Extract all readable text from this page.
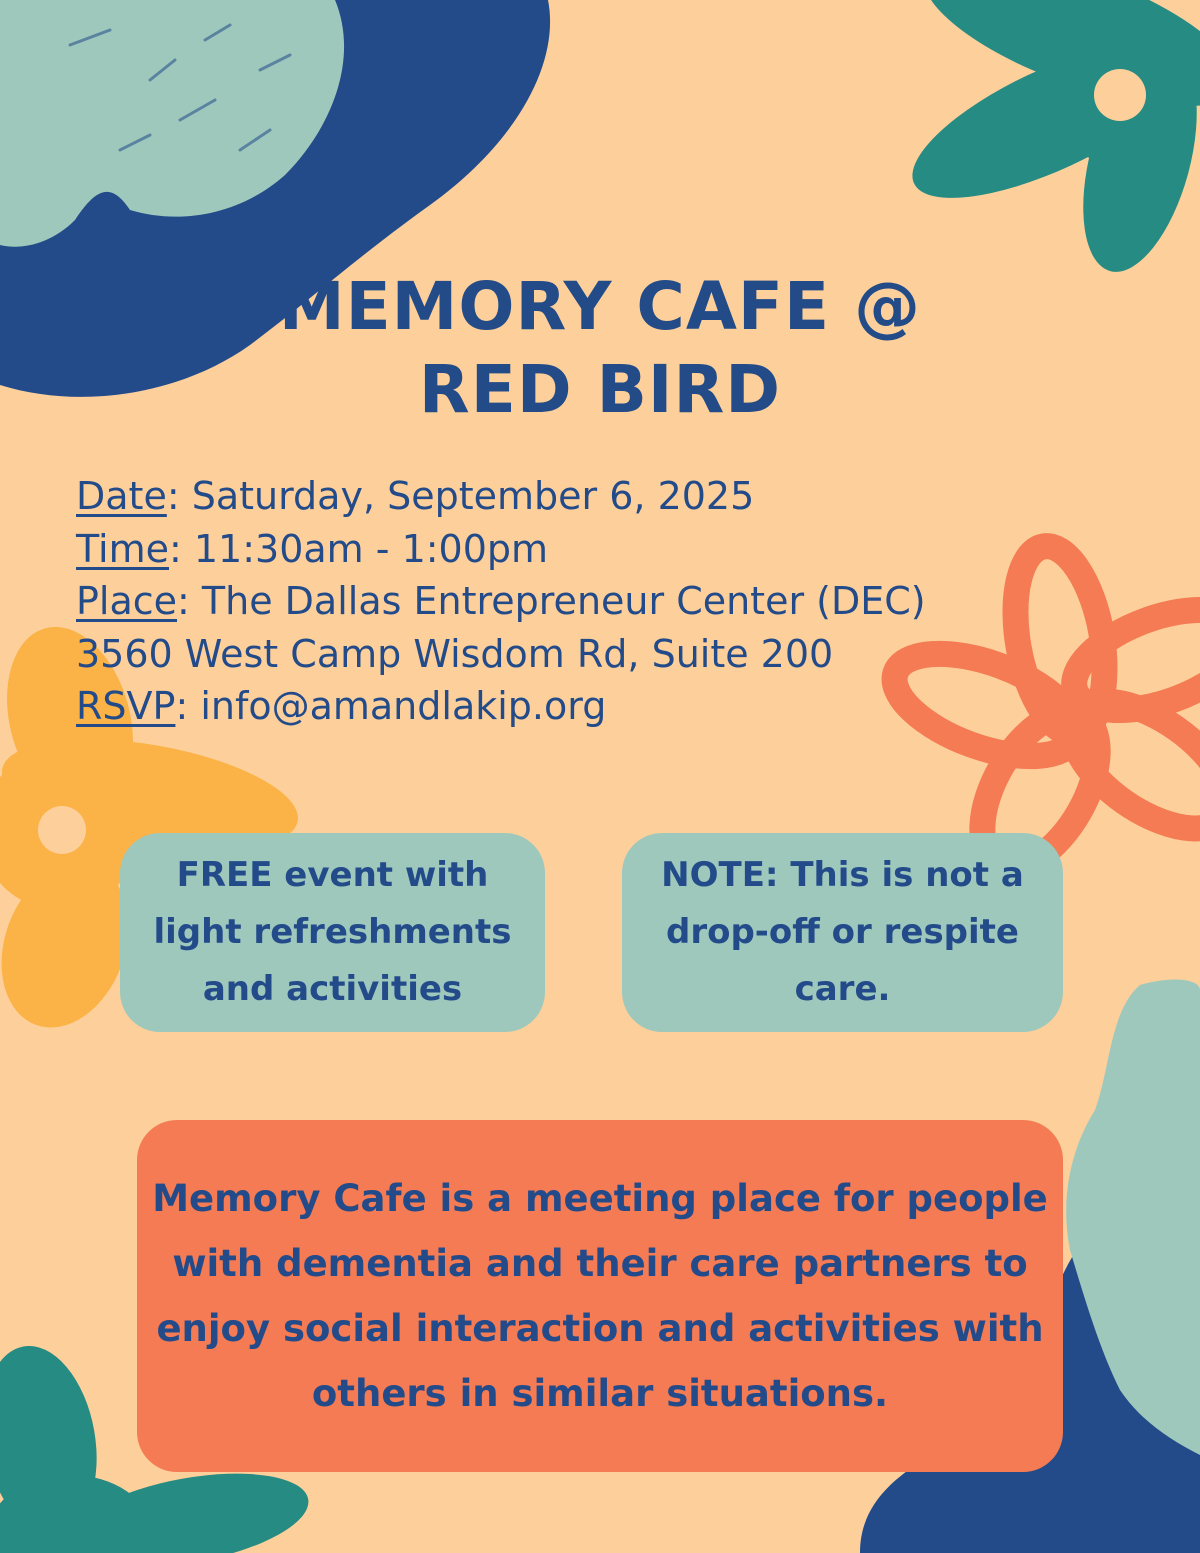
MEMORY CAFE @
RED BIRD
Date: Saturday, September 6, 2025
Time: 11:30am - 1:00pm
Place: The Dallas Entrepreneur Center (DEC)
3560 West Camp Wisdom Rd, Suite 200
RSVP: info@amandlakip.org
FREE event with light refreshments and activities
NOTE: This is not a drop-off or respite care.
Memory Cafe is a meeting place for people with dementia and their care partners to enjoy social interaction and activities with others in similar situations.
